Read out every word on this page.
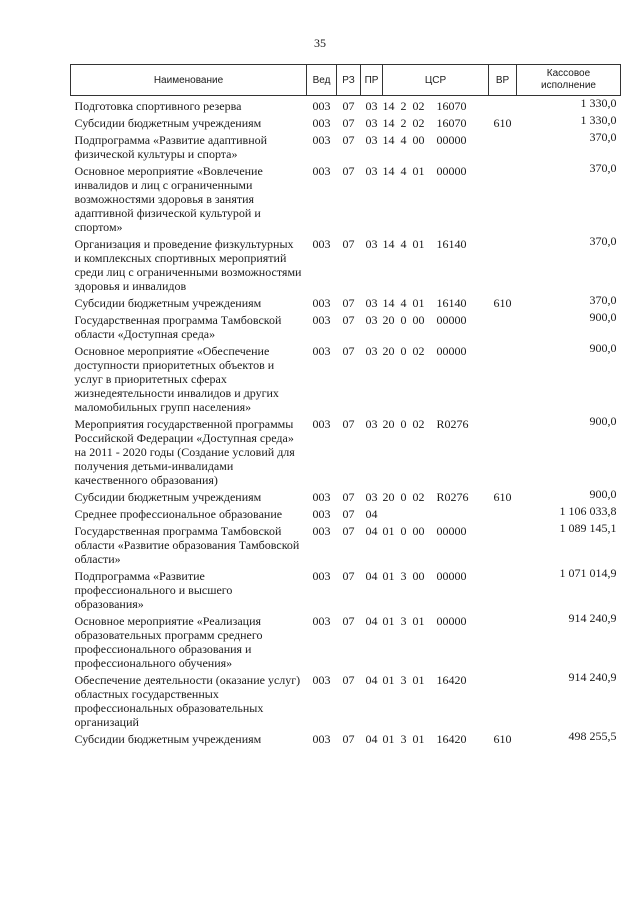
35
Наименование	Вед	РЗ	ПР	ЦСР	ВР	Кассовое исполнение
Подготовка спортивного резерва	003	07	03	14  2  02    16070		1 330,0
Субсидии бюджетным учреждениям	003	07	03	14  2  02    16070	610	1 330,0
Подпрограмма «Развитие адаптивной физической культуры и спорта»	003	07	03	14  4  00    00000		370,0
Основное мероприятие «Вовлечение инвалидов и лиц с ограниченными возможностями здоровья в занятия адаптивной физической культурой и спортом»	003	07	03	14  4  01    00000		370,0
Организация и проведение физкультурных и комплексных спортивных мероприятий среди лиц с ограниченными возможностями здоровья и инвалидов	003	07	03	14  4  01    16140		370,0
Субсидии бюджетным учреждениям	003	07	03	14  4  01    16140	610	370,0
Государственная программа Тамбовской области «Доступная среда»	003	07	03	20  0  00    00000		900,0
Основное мероприятие «Обеспечение доступности приоритетных объектов и услуг в приоритетных сферах жизнедеятельности инвалидов и других маломобильных групп населения»	003	07	03	20  0  02    00000		900,0
Мероприятия государственной программы Российской Федерации «Доступная среда» на 2011 - 2020 годы (Создание условий для получения детьми-инвалидами качественного образования)	003	07	03	20  0  02    R0276		900,0
Субсидии бюджетным учреждениям	003	07	03	20  0  02    R0276	610	900,0
Среднее профессиональное образование	003	07	04			1 106 033,8
Государственная программа Тамбовской области «Развитие образования Тамбовской области»	003	07	04	01  0  00    00000		1 089 145,1
Подпрограмма «Развитие профессионального и высшего образования»	003	07	04	01  3  00    00000		1 071 014,9
Основное мероприятие «Реализация образовательных программ среднего профессионального образования и профессионального обучения»	003	07	04	01  3  01    00000		914 240,9
Обеспечение деятельности (оказание услуг) областных государственных профессиональных образовательных организаций	003	07	04	01  3  01    16420		914 240,9
Субсидии бюджетным учреждениям	003	07	04	01  3  01    16420	610	498 255,5
